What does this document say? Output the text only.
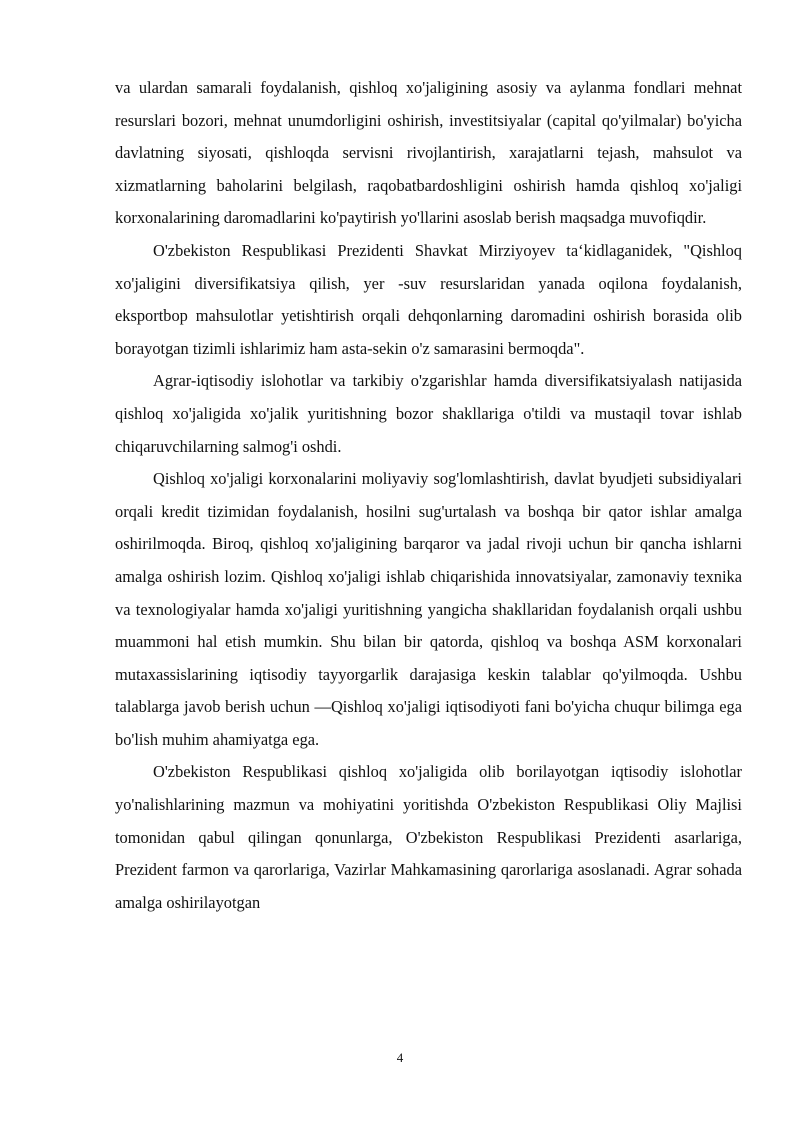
va ulardan samarali foydalanish, qishloq xo'jaligining asosiy va aylanma fondlari mehnat resurslari bozori, mehnat unumdorligini oshirish, investitsiyalar (capital qo'yilmalar) bo'yicha davlatning siyosati, qishloqda servisni rivojlantirish, xarajatlarni tejash, mahsulot va xizmatlarning baholarini belgilash, raqobatbardoshligini oshirish hamda qishloq xo'jaligi korxonalarining daromadlarini ko'paytirish yo'llarini asoslab berish maqsadga muvofiqdir.

O'zbekiston Respublikasi Prezidenti Shavkat Mirziyoyev ta‘kidlaganidek, "Qishloq xo'jaligini diversifikatsiya qilish, yer -suv resurslaridan yanada oqilona foydalanish, eksportbop mahsulotlar yetishtirish orqali dehqonlarning daromadini oshirish borasida olib borayotgan tizimli ishlarimiz ham asta-sekin o'z samarasini bermoqda".

Agrar-iqtisodiy islohotlar va tarkibiy o'zgarishlar hamda diversifikatsiyalash natijasida qishloq xo'jaligida xo'jalik yuritishning bozor shakllariga o'tildi va mustaqil tovar ishlab chiqaruvchilarning salmog'i oshdi.

Qishloq xo'jaligi korxonalarini moliyaviy sog'lomlashtirish, davlat byudjeti subsidiyalari orqali kredit tizimidan foydalanish, hosilni sug'urtalash va boshqa bir qator ishlar amalga oshirilmoqda. Biroq, qishloq xo'jaligining barqaror va jadal rivoji uchun bir qancha ishlarni amalga oshirish lozim. Qishloq xo'jaligi ishlab chiqarishida innovatsiyalar, zamonaviy texnika va texnologiyalar hamda xo'jaligi yuritishning yangicha shakllaridan foydalanish orqali ushbu muammoni hal etish mumkin. Shu bilan bir qatorda, qishloq va boshqa ASM korxonalari mutaxassislarining iqtisodiy tayyorgarlik darajasiga keskin talablar qo'yilmoqda. Ushbu talablarga javob berish uchun ―Qishloq xo'jaligi iqtisodiyoti fani bo'yicha chuqur bilimga ega bo'lish muhim ahamiyatga ega.

O'zbekiston Respublikasi qishloq xo'jaligida olib borilayotgan iqtisodiy islohotlar yo'nalishlarining mazmun va mohiyatini yoritishda O'zbekiston Respublikasi Oliy Majlisi tomonidan qabul qilingan qonunlarga, O'zbekiston Respublikasi Prezidenti asarlariga, Prezident farmon va qarorlariga, Vazirlar Mahkamasining qarorlariga asoslanadi. Agrar sohada amalga oshirilayotgan

4
